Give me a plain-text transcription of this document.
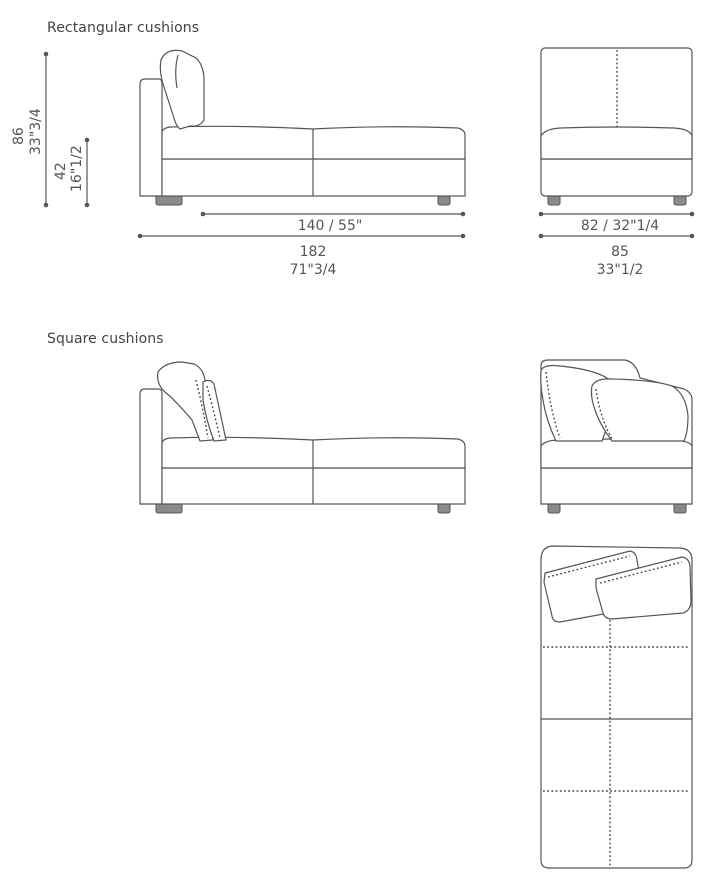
Rectangular cushions
Square cushions
86 33"3/4
42 16"1/2
140 / 55"
182
71"3/4
82 / 32"1/4
85
33"1/2
